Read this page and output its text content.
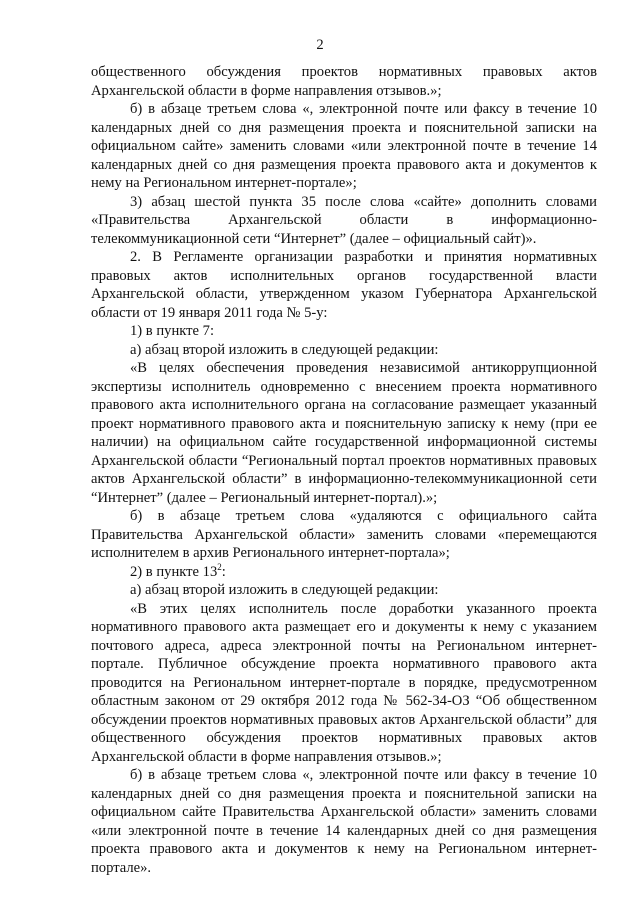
2

общественного обсуждения проектов нормативных правовых актов Архангельской области в форме направления отзывов.»;

б) в абзаце третьем слова «, электронной почте или факсу в течение 10 календарных дней со дня размещения проекта и пояснительной записки на официальном сайте» заменить словами «или электронной почте в течение 14 календарных дней со дня размещения проекта правового акта и документов к нему на Региональном интернет-портале»;

3) абзац шестой пункта 35 после слова «сайте» дополнить словами «Правительства Архангельской области в информационно-телекоммуникационной сети “Интернет” (далее – официальный сайт)».

2. В Регламенте организации разработки и принятия нормативных правовых актов исполнительных органов государственной власти Архангельской области, утвержденном указом Губернатора Архангельской области от 19 января 2011 года № 5-у:

1) в пункте 7:

а) абзац второй изложить в следующей редакции:

«В целях обеспечения проведения независимой антикоррупционной экспертизы исполнитель одновременно с внесением проекта нормативного правового акта исполнительного органа на согласование размещает указанный проект нормативного правового акта и пояснительную записку к нему (при ее наличии) на официальном сайте государственной информационной системы Архангельской области “Региональный портал проектов нормативных правовых актов Архангельской области” в информационно-телекоммуникационной сети “Интернет” (далее – Региональный интернет-портал).»;

б) в абзаце третьем слова «удаляются с официального сайта Правительства Архангельской области» заменить словами «перемещаются исполнителем в архив Регионального интернет-портала»;

2) в пункте $13^2$:

а) абзац второй изложить в следующей редакции:

«В этих целях исполнитель после доработки указанного проекта нормативного правового акта размещает его и документы к нему с указанием почтового адреса, адреса электронной почты на Региональном интернет-портале. Публичное обсуждение проекта нормативного правового акта проводится на Региональном интернет-портале в порядке, предусмотренном областным законом от 29 октября 2012 года № 562-34-ОЗ “Об общественном обсуждении проектов нормативных правовых актов Архангельской области” для общественного обсуждения проектов нормативных правовых актов Архангельской области в форме направления отзывов.»;

б) в абзаце третьем слова «, электронной почте или факсу в течение 10 календарных дней со дня размещения проекта и пояснительной записки на официальном сайте Правительства Архангельской области» заменить словами «или электронной почте в течение 14 календарных дней со дня размещения проекта правового акта и документов к нему на Региональном интернет-портале».
